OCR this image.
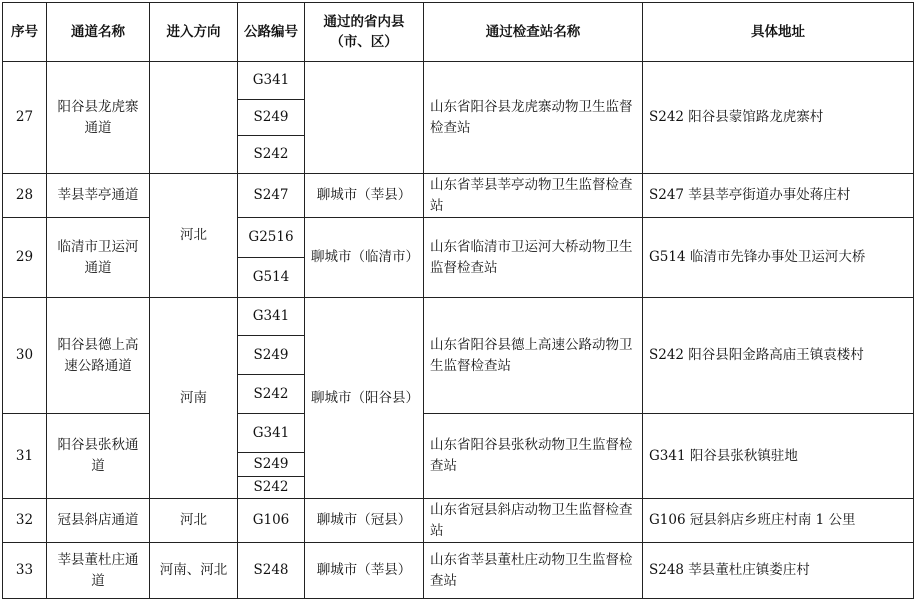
序号	通道名称	进入方向	公路编号	通过的省内县（市、区）	通过检查站名称	具体地址
27	阳谷县龙虎寨通道		G341		山东省阳谷县龙虎寨动物卫生监督检查站	S242 阳谷县蒙馆路龙虎寨村
			S249			
			S242			
28	莘县莘亭通道	河北	S247	聊城市（莘县）	山东省莘县莘亭动物卫生监督检查站	S247 莘县莘亭街道办事处蒋庄村
29	临清市卫运河通道		G2516	聊城市（临清市）	山东省临清市卫运河大桥动物卫生监督检查站	G514 临清市先锋办事处卫运河大桥
			G514			
30	阳谷县德上高速公路通道	河南	G341	聊城市（阳谷县）	山东省阳谷县德上高速公路动物卫生监督检查站	S242 阳谷县阳金路高庙王镇袁楼村
			S249			
			S242			
31	阳谷县张秋通道		G341		山东省阳谷县张秋动物卫生监督检查站	G341 阳谷县张秋镇驻地
			S249			
			S242			
32	冠县斜店通道	河北	G106	聊城市（冠县）	山东省冠县斜店动物卫生监督检查站	G106 冠县斜店乡班庄村南 1 公里
33	莘县董杜庄通道	河南、河北	S248	聊城市（莘县）	山东省莘县董杜庄动物卫生监督检查站	S248 莘县董杜庄镇娄庄村
